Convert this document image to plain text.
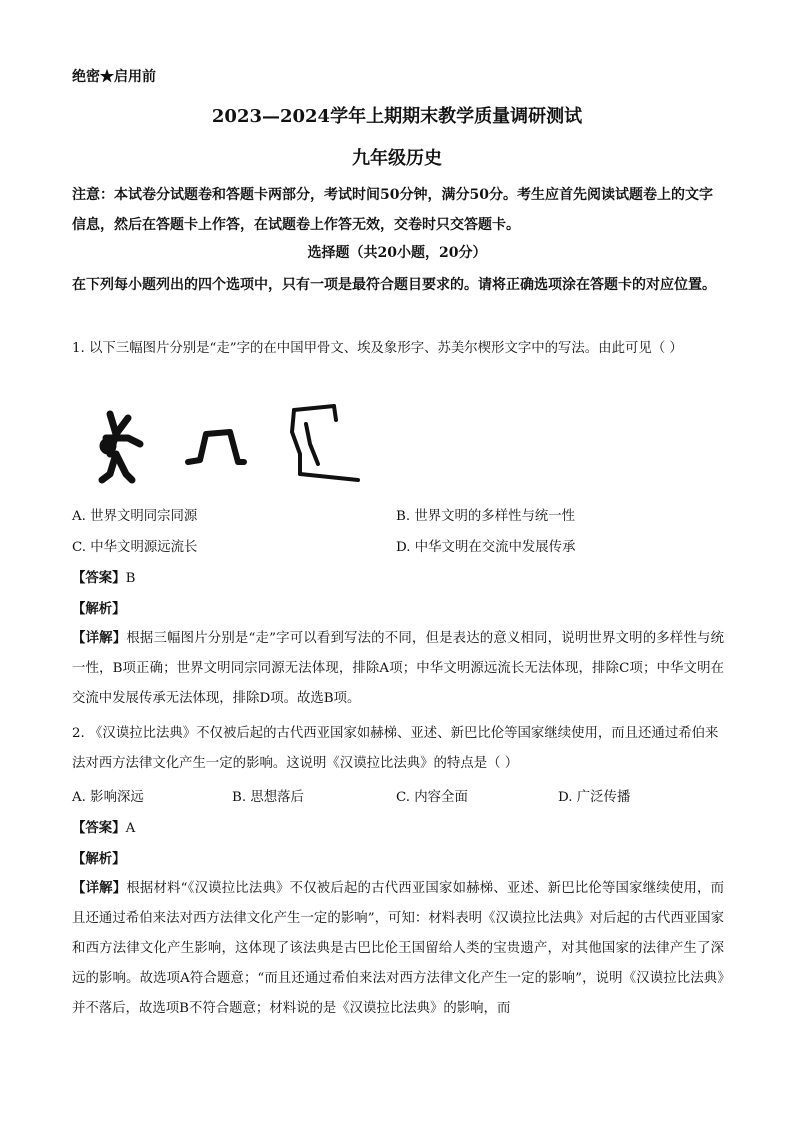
绝密★启用前
2023—2024学年上期期末教学质量调研测试
九年级历史
注意：本试卷分试题卷和答题卡两部分，考试时间50分钟，满分50分。考生应首先阅读试题卷上的文字信息，然后在答题卡上作答，在试题卷上作答无效，交卷时只交答题卡。
选择题（共20小题，20分）
在下列每小题列出的四个选项中，只有一项是最符合题目要求的。请将正确选项涂在答题卡的对应位置。
1. 以下三幅图片分别是“走”字的在中国甲骨文、埃及象形字、苏美尔楔形文字中的写法。由此可见（ ）
A. 世界文明同宗同源	B. 世界文明的多样性与统一性
C. 中华文明源远流长	D. 中华文明在交流中发展传承
【答案】B
【解析】
【详解】根据三幅图片分别是“走”字可以看到写法的不同，但是表达的意义相同，说明世界文明的多样性与统一性，B项正确；世界文明同宗同源无法体现，排除A项；中华文明源远流长无法体现，排除C项；中华文明在交流中发展传承无法体现，排除D项。故选B项。
2. 《汉谟拉比法典》不仅被后起的古代西亚国家如赫梯、亚述、新巴比伦等国家继续使用，而且还通过希伯来法对西方法律文化产生一定的影响。这说明《汉谟拉比法典》的特点是（ ）
A. 影响深远	B. 思想落后	C. 内容全面	D. 广泛传播
【答案】A
【解析】
【详解】根据材料“《汉谟拉比法典》不仅被后起的古代西亚国家如赫梯、亚述、新巴比伦等国家继续使用，而且还通过希伯来法对西方法律文化产生一定的影响”，可知：材料表明《汉谟拉比法典》对后起的古代西亚国家和西方法律文化产生影响，这体现了该法典是古巴比伦王国留给人类的宝贵遗产，对其他国家的法律产生了深远的影响。故选项A符合题意；“而且还通过希伯来法对西方法律文化产生一定的影响”，说明《汉谟拉比法典》并不落后，故选项B不符合题意；材料说的是《汉谟拉比法典》的影响，而
